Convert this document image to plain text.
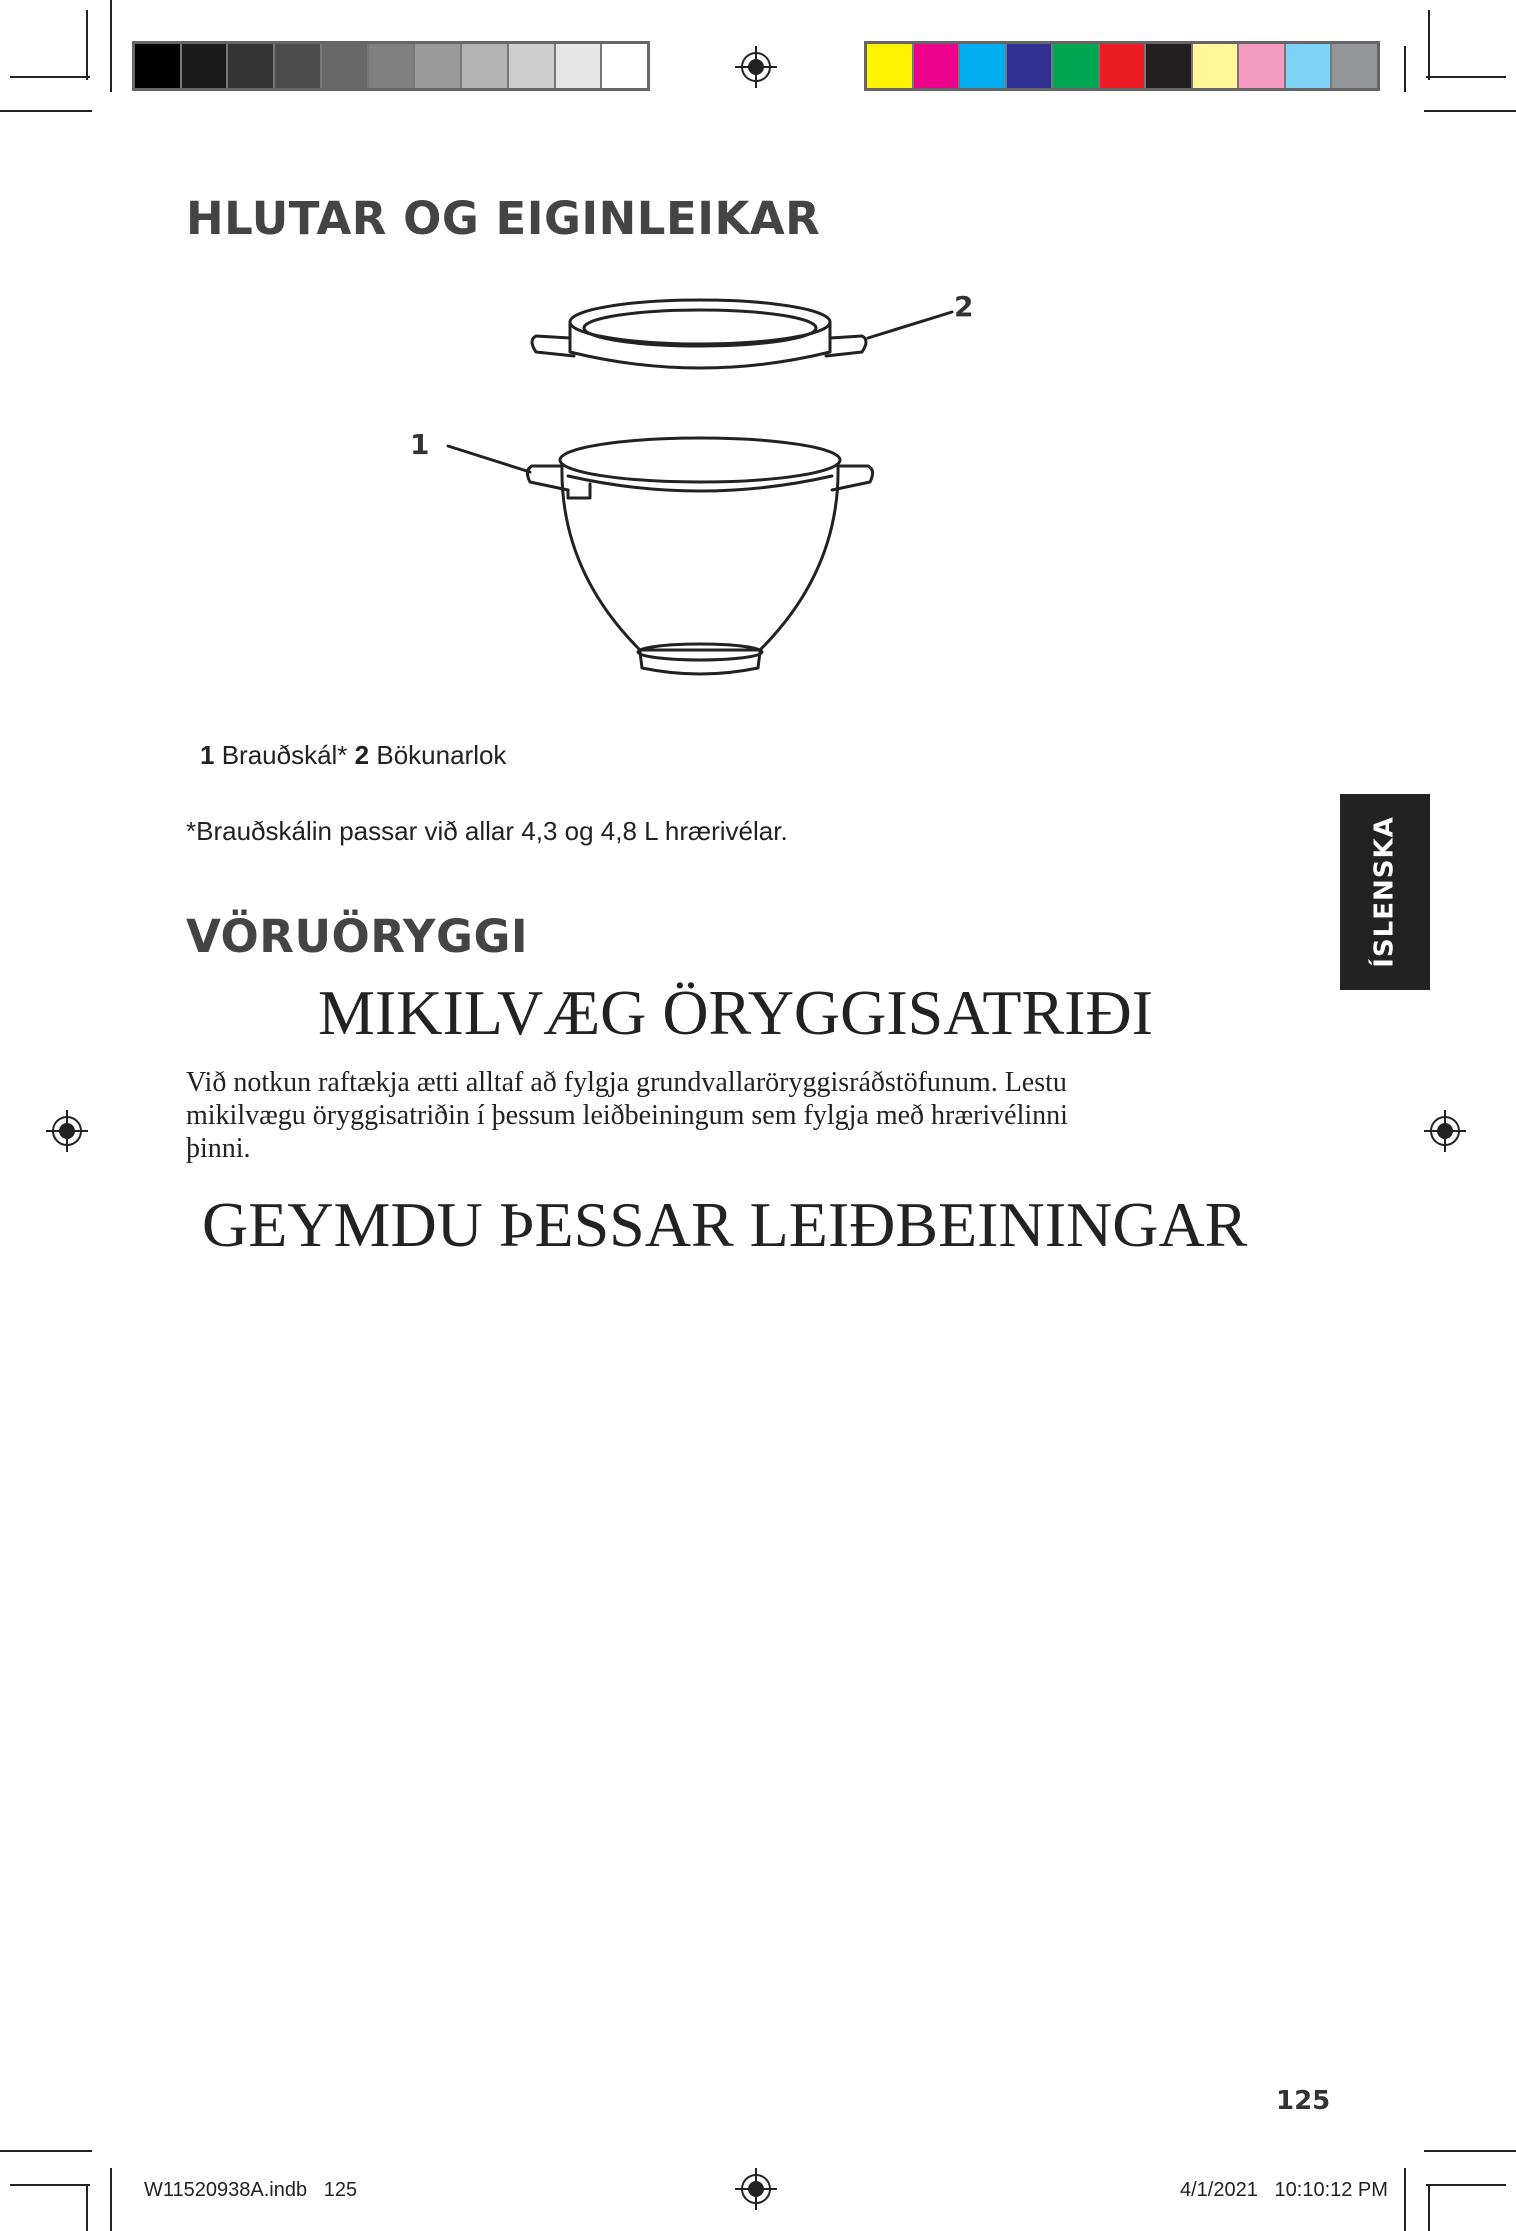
HLUTAR OG EIGINLEIKAR
1
2
1 Brauðskál* 2 Bökunarlok
*Brauðskálin passar við allar 4,3 og 4,8 L hrærivélar.	ÍSLENSKA
VÖRUÖRYGGI
MIKILVÆG ÖRYGGISATRIÐI
Við notkun raftækja ætti alltaf að fylgja grundvallaröryggisráðstöfunum. Lestu
mikilvægu öryggisatriðin í þessum leiðbeiningum sem fylgja með hrærivélinni
þinni.
GEYMDU ÞESSAR LEIÐBEININGAR
125
W11520938A.indb   125	4/1/2021   10:10:12 PM
